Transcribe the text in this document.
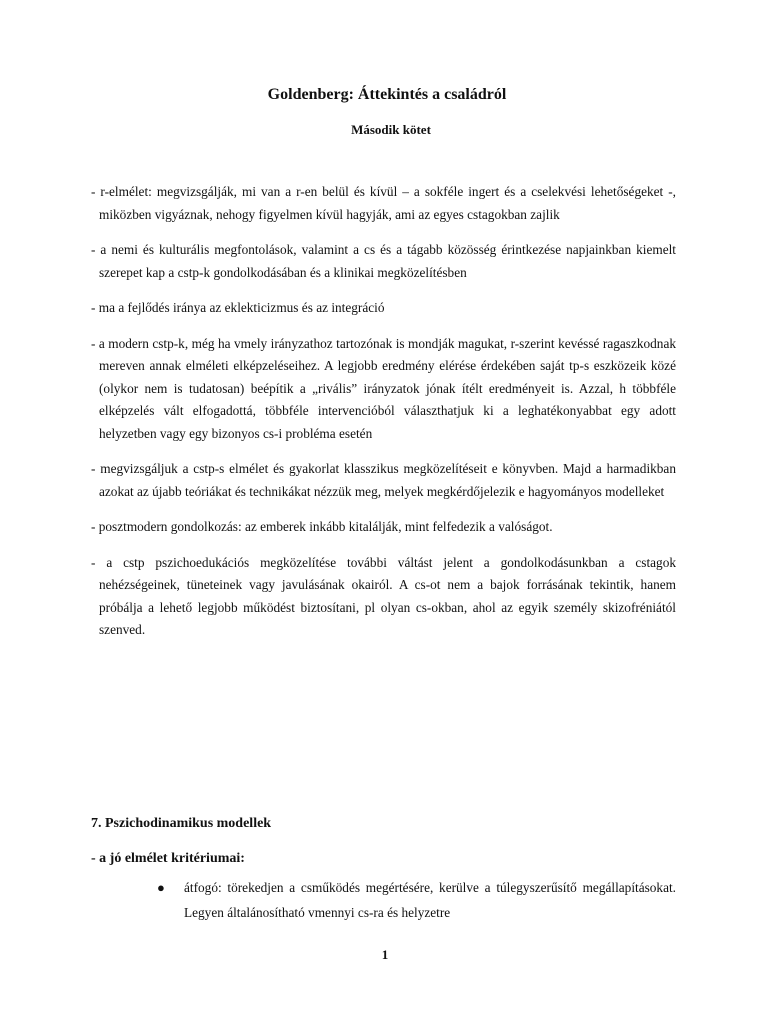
Goldenberg: Áttekintés a családról
Második kötet

- r-elmélet: megvizsgálják, mi van a r-en belül és kívül – a sokféle ingert és a cselekvési lehetőségeket -, miközben vigyáznak, nehogy figyelmen kívül hagyják, ami az egyes cstagokban zajlik

- a nemi és kulturális megfontolások, valamint a cs és a tágabb közösség érintkezése napjainkban kiemelt szerepet kap a cstp-k gondolkodásában és a klinikai megközelítésben

- ma a fejlődés iránya az eklekticizmus és az integráció

- a modern cstp-k, még ha vmely irányzathoz tartozónak is mondják magukat, r-szerint kevéssé ragaszkodnak mereven annak elméleti elképzeléseihez. A legjobb eredmény elérése érdekében saját tp-s eszközeik közé (olykor nem is tudatosan) beépítik a „rivális” irányzatok jónak ítélt eredményeit is. Azzal, h többféle elképzelés vált elfogadottá, többféle intervencióból választhatjuk ki a leghatékonyabbat egy adott helyzetben vagy egy bizonyos cs-i probléma esetén

- megvizsgáljuk a cstp-s elmélet és gyakorlat klasszikus megközelítéseit e könyvben. Majd a harmadikban azokat az újabb teóriákat és technikákat nézzük meg, melyek megkérdőjelezik e hagyományos modelleket

- posztmodern gondolkozás: az emberek inkább kitalálják, mint felfedezik a valóságot.

- a cstp pszichoedukációs megközelítése további váltást jelent a gondolkodásunkban a cstagok nehézségeinek, tüneteinek vagy javulásának okairól. A cs-ot nem a bajok forrásának tekintik, hanem próbálja a lehető legjobb működést biztosítani, pl olyan cs-okban, ahol az egyik személy skizofréniától szenved.

7. Pszichodinamikus modellek
- a jó elmélet kritériumai:
● átfogó: törekedjen a csműködés megértésére, kerülve a túlegyszerűsítő megállapításokat. Legyen általánosítható vmennyi cs-ra és helyzetre
1
